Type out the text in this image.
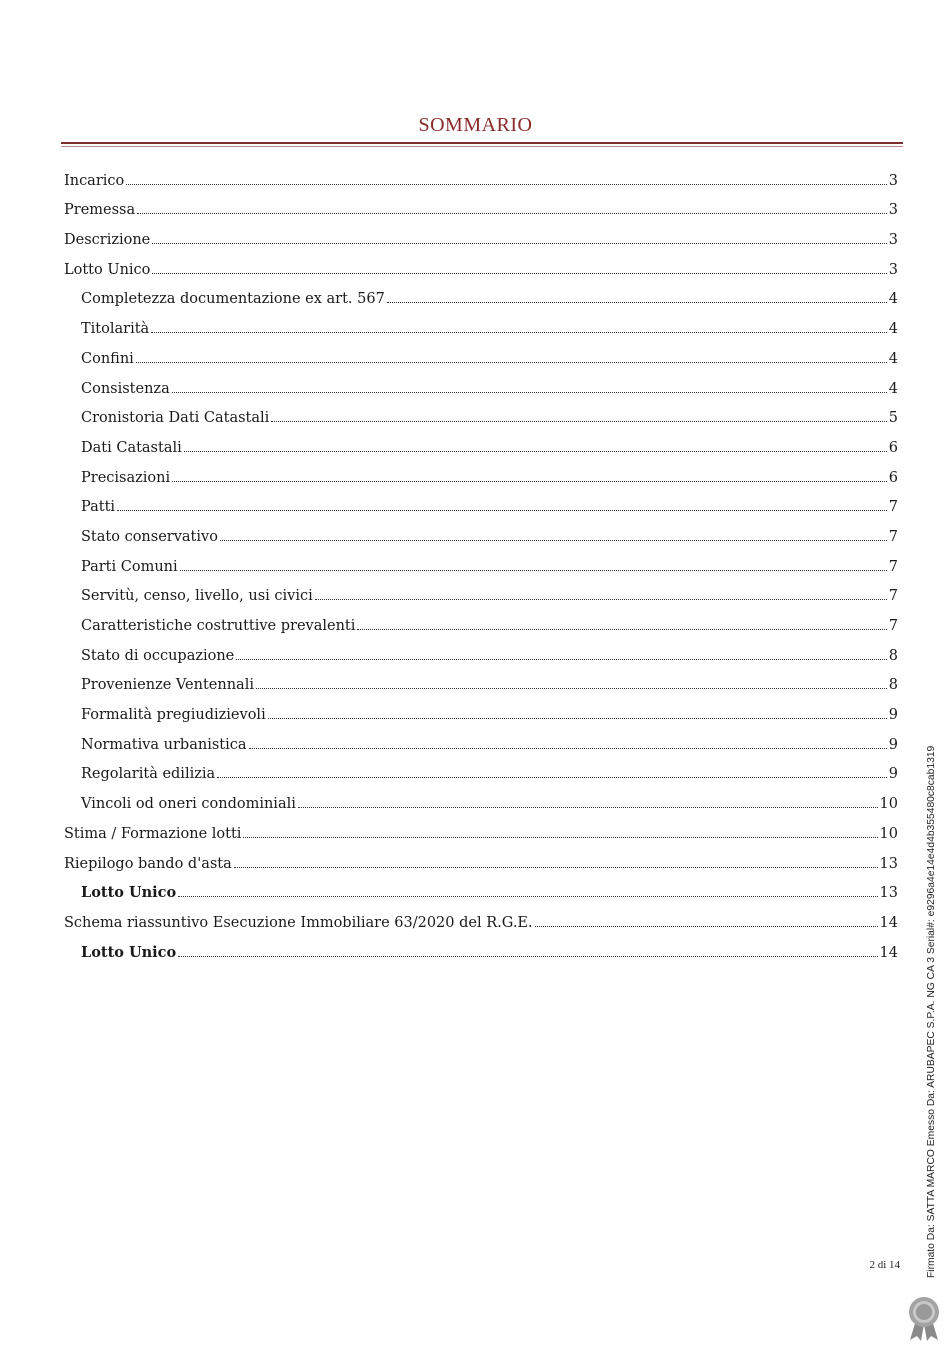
SOMMARIO
Incarico	3
Premessa	3
Descrizione	3
Lotto Unico	3
Completezza documentazione ex art. 567	4
Titolarità	4
Confini	4
Consistenza	4
Cronistoria Dati Catastali	5
Dati Catastali	6
Precisazioni	6
Patti	7
Stato conservativo	7
Parti Comuni	7
Servitù, censo, livello, usi civici	7
Caratteristiche costruttive prevalenti	7
Stato di occupazione	8
Provenienze Ventennali	8
Formalità pregiudizievoli	9
Normativa urbanistica	9
Regolarità edilizia	9
Vincoli od oneri condominiali	10
Stima / Formazione lotti	10
Riepilogo bando d'asta	13
Lotto Unico	13
Schema riassuntivo Esecuzione Immobiliare 63/2020 del R.G.E.	14
Lotto Unico	14
2 di 14	Firmato Da: SATTA MARCO Emesso Da: ARUBAPEC S.P.A. NG CA 3 Serial#: e9296a4e14e4d4b355480c8cab1319
